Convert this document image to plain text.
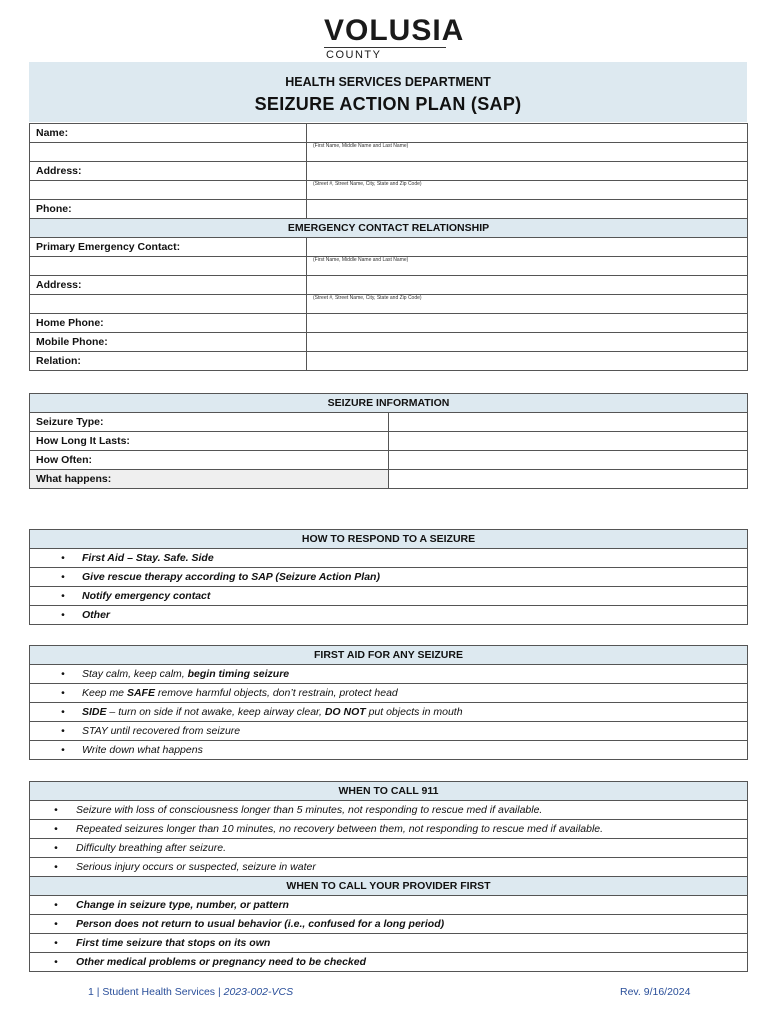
VOLUSIA
COUNTY
HEALTH SERVICES DEPARTMENT
SEIZURE ACTION PLAN (SAP)
Name:	
	(First Name, Middle Name and Last Name)
Address:	
	(Street #, Street Name, City, State and Zip Code)
Phone:	
EMERGENCY CONTACT RELATIONSHIP	
Primary Emergency Contact:	
	(First Name, Middle Name and Last Name)
Address:	
	(Street #, Street Name, City, State and Zip Code)
Home Phone:	
Mobile Phone:	
Relation:	
SEIZURE INFORMATION	
Seizure Type:	
How Long It Lasts:	
How Often:	
What happens:	
HOW TO RESPOND TO A SEIZURE
• First Aid – Stay. Safe. Side
• Give rescue therapy according to SAP (Seizure Action Plan)
• Notify emergency contact
• Other
FIRST AID FOR ANY SEIZURE
• Stay calm, keep calm, begin timing seizure
• Keep me SAFE remove harmful objects, don’t restrain, protect head
• SIDE – turn on side if not awake, keep airway clear, DO NOT put objects in mouth
• STAY until recovered from seizure
• Write down what happens
WHEN TO CALL 911
• Seizure with loss of consciousness longer than 5 minutes, not responding to rescue med if available.
• Repeated seizures longer than 10 minutes, no recovery between them, not responding to rescue med if available.
• Difficulty breathing after seizure.
• Serious injury occurs or suspected, seizure in water
WHEN TO CALL YOUR PROVIDER FIRST
• Change in seizure type, number, or pattern
• Person does not return to usual behavior (i.e., confused for a long period)
• First time seizure that stops on its own
• Other medical problems or pregnancy need to be checked
1 | Student Health Services | 2023-002-VCS	Rev. 9/16/2024
